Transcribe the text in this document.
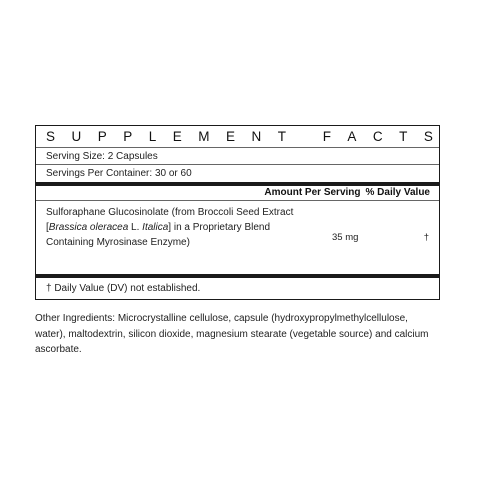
S U P P L E M E N T
	F A C T S
Serving Size: 2 Capsules
Servings Per Container: 30 or 60
Amount Per Serving % Daily Value
Sulforaphane Glucosinolate (from Broccoli Seed Extract [Brassica oleracea L. Italica] in a Proprietary Blend Containing Myrosinase Enzyme)	35 mg	†
† Daily Value (DV) not established.
Other Ingredients: Microcrystalline cellulose, capsule (hydroxypropylmethylcellulose, water), maltodextrin, silicon dioxide, magnesium stearate (vegetable source) and calcium ascorbate.
